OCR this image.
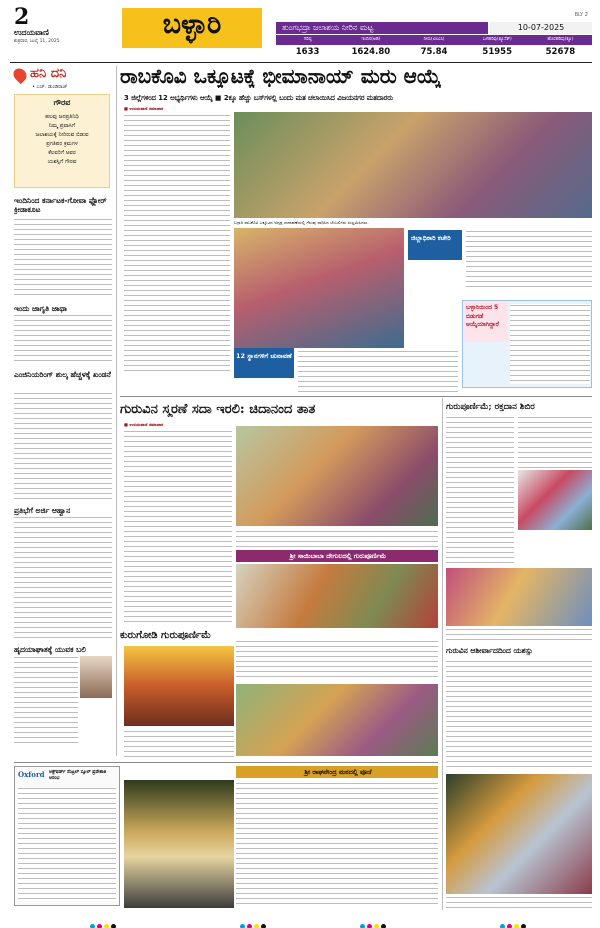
2
ಉದಯವಾಣಿ
ಶುಕ್ರವಾರ, ಜುಲೈ 11, 2025
ಬಳ್ಳಾರಿ	BLY 2
ತುಂಗಭದ್ರಾ ಜಲಾಶಯ ನೀರಿನ ಮಟ್ಟ	10-07-2025
ಗರಿಷ್ಠ	ಇಂದಿನ(ಅಡಿ)	ನೀರು(ಟಿಎಂಸಿ)	ಒಳಹರಿವು(ಕ್ಯೂಸೆಕ್)	ಹೊರಹರಿವು(ಕ್ಯೂ)
1633	1624.80	75.84	51955	52678
ಹನಿ ದನಿ
• ಎಚ್. ಡುಂಡಿರಾಜ್
ಗೌರವ
ಹಲವು ಜನಪ್ರತಿನಿಧಿ
ನಿಮ್ಮ ಪ್ರವಾಸಿಗೆ
ಜಲಾಶಯಕ್ಕೆ ನೀರಿರುವ ಬಿಡುವ
ಪ್ರಗತಿಪರ ಕ್ರಮಗಳ
ಕೆಲವರಿಗೆ ಅವರ
ಯಶಸ್ಸಿಗೆ ಗೌರವ
ಇಂದಿನಿಂದ ಕರ್ನಾಟಕ-ಗೋವಾ ಫ್ಲೋರ್ ಕ್ರೀಡಾಕೂಟ
ಇಂದು ಜಾಗೃತಿ ಜಾಥಾ
ಎಂಜಿನಿಯರಿಂಗ್ ಶುಲ್ಕ ಹೆಚ್ಚಳಕ್ಕೆ ಖಂಡನೆ
ಪ್ರತಿಭೆಗೆ ಅರ್ಜಿ ಆಹ್ವಾನ
ಹೃದಯಾಘಾತಕ್ಕೆ ಯುವಕ ಬಲಿ
ರಾಬಕೊವಿ ಒಕ್ಕೂಟಕ್ಕೆ ಭೀಮಾನಾಯ್ ಮರು ಆಯ್ಕೆ
3 ಜಿಲ್ಲೆಗಳಿಂದ 12 ಅಭ್ಯರ್ಥಿಗಳು ಆಯ್ಕೆ ■ 2ಕ್ಕೂ ಹೆಚ್ಚು ಬಸ್‌ಗಳಲ್ಲಿ ಬಂದು ಮತ ಚಲಾಯಿಸಿದ ವಿಜಯನಗರ ಮತದಾರರು
■ ಉದಯವಾಣಿ ಸಮಾಚಾರ
ಬಳ್ಳಾರಿ ರಾಬಕೊವಿ ಒಕ್ಕೂಟದ ಅಧ್ಯಕ್ಷ ಚುನಾವಣೆಯಲ್ಲಿ ಗೆಲುವು ಸಾಧಿಸಿದ ಬೆಂಬಲಿಗರು ಸಂಭ್ರಮಿಸಿದರು.
12 ಸ್ಥಾನಗಳಿಗೆ ಚುನಾವಣೆ
ಜಿಲ್ಲಾಧಿಕಾರಿ ಕಚೇರಿ
ಬಳ್ಳಾರಿಯಿಂದ 5 ಬಿಡುಗಡೆ ಆಯ್ಕೆಯಾಗಿದ್ದಾರೆ
ಗುರುವಿನ ಸ್ಮರಣೆ ಸದಾ ಇರಲಿ: ಚಿದಾನಂದ ತಾತ
■ ಉದಯವಾಣಿ ಸಮಾಚಾರ
ಶ್ರೀ ಸಾಯಿಬಾಬಾ ದೇಗುಲದಲ್ಲಿ ಗುರುಪೂರ್ಣಿಮೆ
ಕುರುಗೋಡಿ ಗುರುಪೂರ್ಣಿಮೆ
ಶ್ರೀ ರಾಘವೇಂದ್ರ ಮಠದಲ್ಲಿ ಪೂಜೆ
Oxford ಆಕ್ಸ್‌ಫರ್ಡ್ ಸೆಂಟ್ರಲ್ ಸ್ಕೂಲ್ ಪ್ರವೇಶಾತಿ ಆರಂಭ
ಗುರುಪೂರ್ಣಿಮೆ; ರಕ್ತದಾನ ಶಿಬಿರ
ಗುರುವಿನ ಆಶೀರ್ವಾದದಿಂದ ಯಶಸ್ಸು
